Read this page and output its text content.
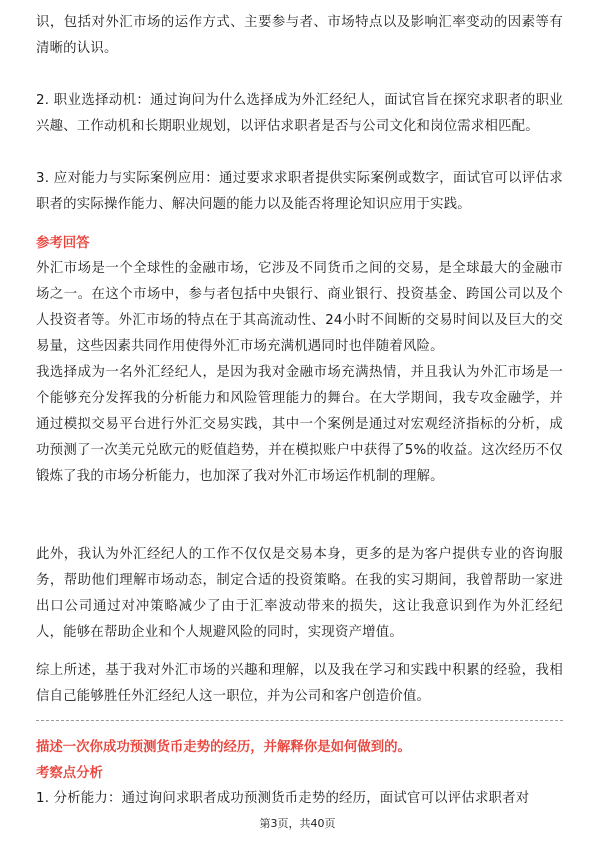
识，包括对外汇市场的运作方式、主要参与者、市场特点以及影响汇率变动的因素等有清晰的认识。

2. 职业选择动机：通过询问为什么选择成为外汇经纪人，面试官旨在探究求职者的职业兴趣、工作动机和长期职业规划，以评估求职者是否与公司文化和岗位需求相匹配。

3. 应对能力与实际案例应用：通过要求求职者提供实际案例或数字，面试官可以评估求职者的实际操作能力、解决问题的能力以及能否将理论知识应用于实践。

参考回答

外汇市场是一个全球性的金融市场，它涉及不同货币之间的交易，是全球最大的金融市场之一。在这个市场中，参与者包括中央银行、商业银行、投资基金、跨国公司以及个人投资者等。外汇市场的特点在于其高流动性、24小时不间断的交易时间以及巨大的交易量，这些因素共同作用使得外汇市场充满机遇同时也伴随着风险。

我选择成为一名外汇经纪人，是因为我对金融市场充满热情，并且我认为外汇市场是一个能够充分发挥我的分析能力和风险管理能力的舞台。在大学期间，我专攻金融学，并通过模拟交易平台进行外汇交易实践，其中一个案例是通过对宏观经济指标的分析，成功预测了一次美元兑欧元的贬值趋势，并在模拟账户中获得了5%的收益。这次经历不仅锻炼了我的市场分析能力，也加深了我对外汇市场运作机制的理解。

此外，我认为外汇经纪人的工作不仅仅是交易本身，更多的是为客户提供专业的咨询服务，帮助他们理解市场动态，制定合适的投资策略。在我的实习期间，我曾帮助一家进出口公司通过对冲策略减少了由于汇率波动带来的损失，这让我意识到作为外汇经纪人，能够在帮助企业和个人规避风险的同时，实现资产增值。

综上所述，基于我对外汇市场的兴趣和理解，以及我在学习和实践中积累的经验，我相信自己能够胜任外汇经纪人这一职位，并为公司和客户创造价值。

描述一次你成功预测货币走势的经历，并解释你是如何做到的。

考察点分析

1. 分析能力：通过询问求职者成功预测货币走势的经历，面试官可以评估求职者对

第3页，共40页
